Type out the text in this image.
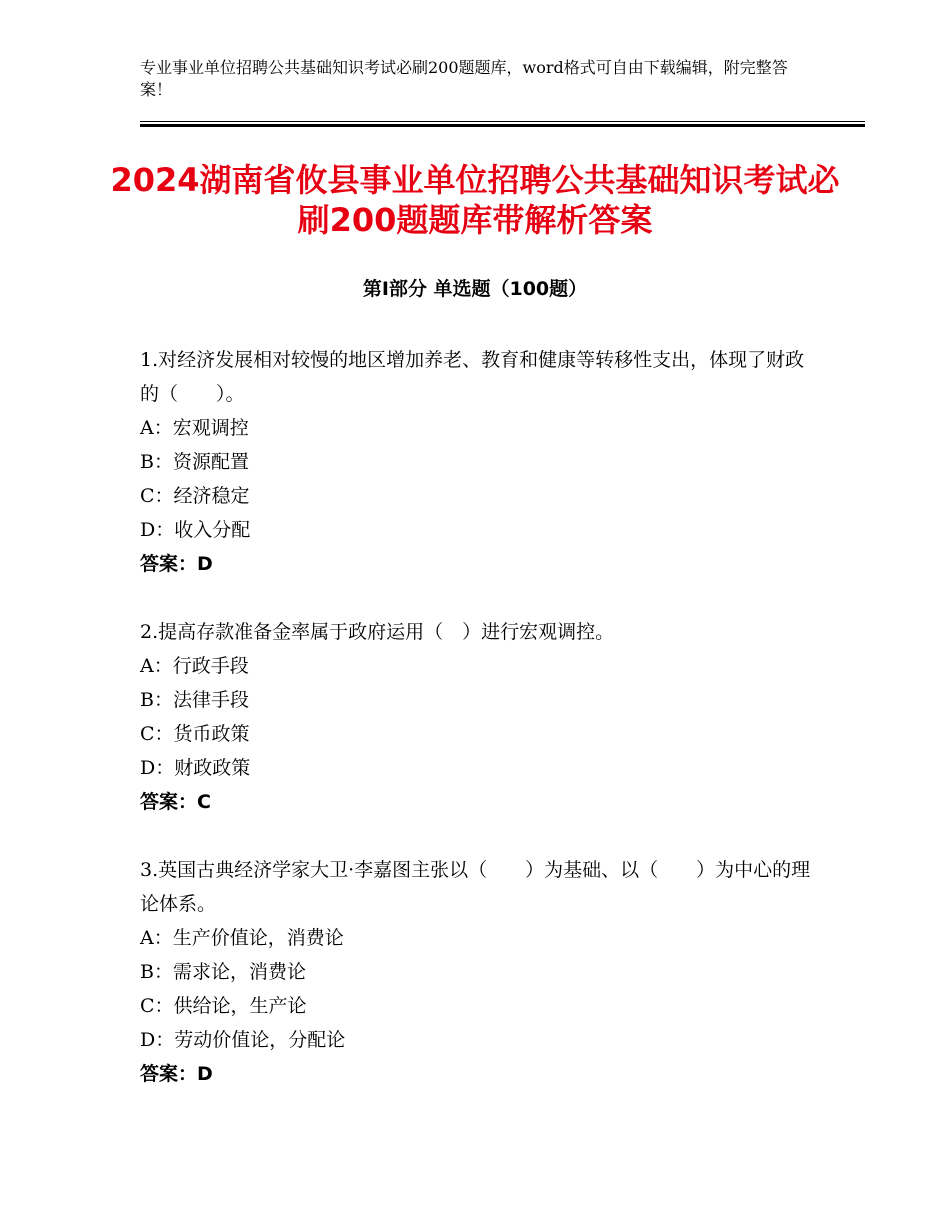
专业事业单位招聘公共基础知识考试必刷200题题库，word格式可自由下载编辑，附完整答案！
2024湖南省攸县事业单位招聘公共基础知识考试必刷200题题库带解析答案
第Ⅰ部分 单选题（100题）

1.对经济发展相对较慢的地区增加养老、教育和健康等转移性支出，体现了财政的（　　）。

A：宏观调控

B：资源配置

C：经济稳定

D：收入分配

答案：D

2.提高存款准备金率属于政府运用（　）进行宏观调控。

A：行政手段

B：法律手段

C：货币政策

D：财政政策

答案：C

3.英国古典经济学家大卫·李嘉图主张以（　　）为基础、以（　　）为中心的理论体系。

A：生产价值论，消费论

B：需求论，消费论

C：供给论，生产论

D：劳动价值论，分配论

答案：D
